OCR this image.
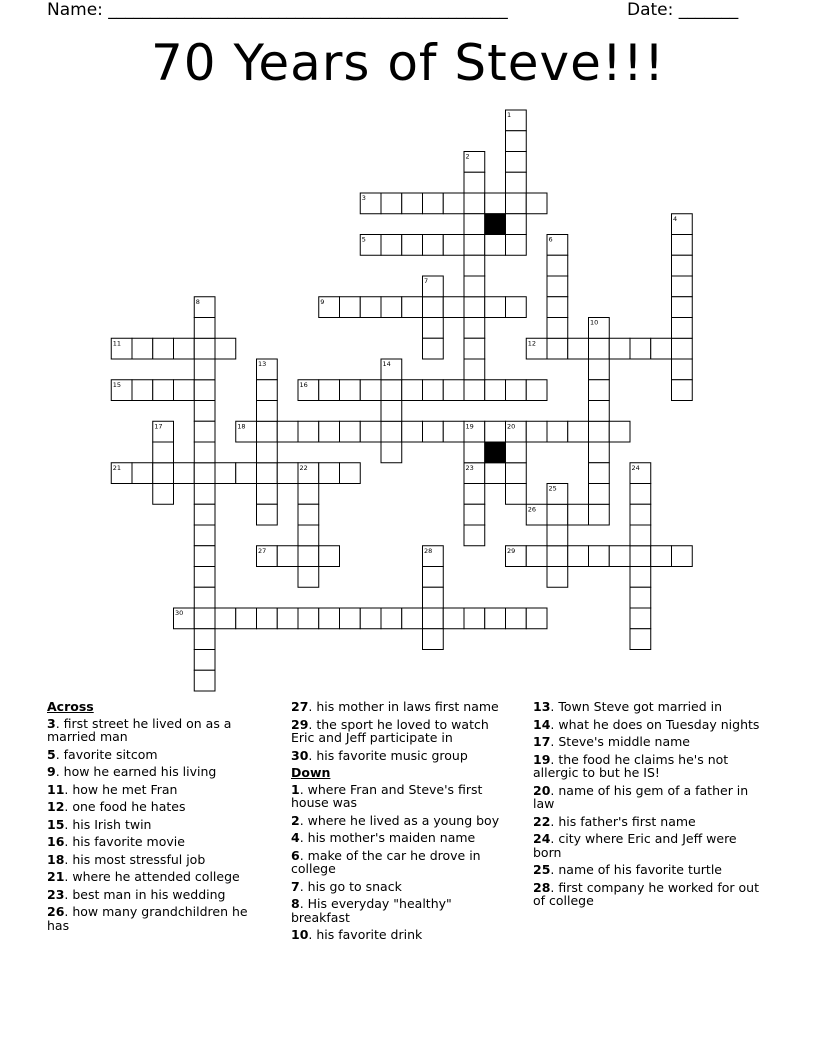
Name: _______________________________________________	Date: _______
70 Years of Steve!!!
3
5
9
11	12
15	16
18
21	23
26
27	29
30
1
2
4
6
7
8
10
13	14
17	19	20
22	24
25
28
Across
3. first street he lived on as a married man
5. favorite sitcom
9. how he earned his living
11. how he met Fran
12. one food he hates
15. his Irish twin
16. his favorite movie
18. his most stressful job
21. where he attended college
23. best man in his wedding
26. how many grandchildren he has
27. his mother in laws first name
29. the sport he loved to watch Eric and Jeff participate in
30. his favorite music group
Down
1. where Fran and Steve's first house was
2. where he lived as a young boy
4. his mother's maiden name
6. make of the car he drove in college
7. his go to snack
8. His everyday "healthy" breakfast
10. his favorite drink
13. Town Steve got married in
14. what he does on Tuesday nights
17. Steve's middle name
19. the food he claims he's not allergic to but he IS!
20. name of his gem of a father in law
22. his father's first name
24. city where Eric and Jeff were born
25. name of his favorite turtle
28. first company he worked for out of college
